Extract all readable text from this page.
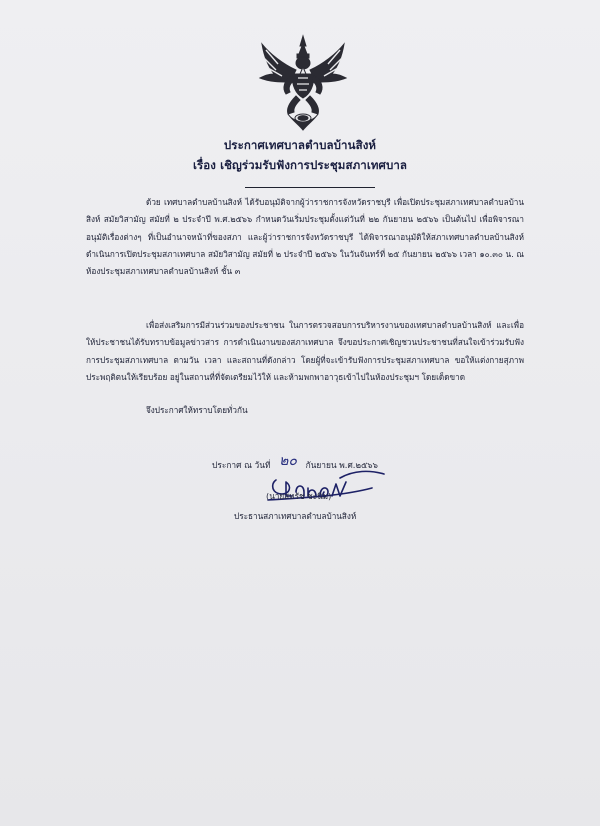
ประกาศเทศบาลตำบลบ้านสิงห์
เรื่อง เชิญร่วมรับฟังการประชุมสภาเทศบาล

ด้วย เทศบาลตำบลบ้านสิงห์ ได้รับอนุมัติจากผู้ว่าราชการจังหวัดราชบุรี เพื่อเปิดประชุมสภาเทศบาลตำบลบ้านสิงห์ สมัยวิสามัญ สมัยที่ ๒ ประจำปี พ.ศ.๒๕๖๖ กำหนดวันเริ่มประชุมตั้งแต่วันที่ ๒๒ กันยายน ๒๕๖๖ เป็นต้นไป เพื่อพิจารณาอนุมัติเรื่องต่างๆ ที่เป็นอำนาจหน้าที่ของสภา และผู้ว่าราชการจังหวัดราชบุรี ได้พิจารณาอนุมัติให้สภาเทศบาลตำบลบ้านสิงห์ ดำเนินการเปิดประชุมสภาเทศบาล สมัยวิสามัญ สมัยที่ ๒ ประจำปี ๒๕๖๖ ในวันจันทร์ที่ ๒๕ กันยายน ๒๕๖๖ เวลา ๑๐.๓๐ น. ณ ห้องประชุมสภาเทศบาลตำบลบ้านสิงห์ ชั้น ๓

เพื่อส่งเสริมการมีส่วนร่วมของประชาชน ในการตรวจสอบการบริหารงานของเทศบาลตำบลบ้านสิงห์ และเพื่อให้ประชาชนได้รับทราบข้อมูลข่าวสาร การดำเนินงานของสภาเทศบาล จึงขอประกาศเชิญชวนประชาชนที่สนใจเข้าร่วมรับฟังการประชุมสภาเทศบาล ตามวัน เวลา และสถานที่ดังกล่าว โดยผู้ที่จะเข้ารับฟังการประชุมสภาเทศบาล ขอให้แต่งกายสุภาพ ประพฤติตนให้เรียบร้อย อยู่ในสถานที่ที่จัดเตรียมไว้ให้ และห้ามพกพาอาวุธเข้าไปในห้องประชุมฯ โดยเด็ดขาด

จึงประกาศให้ทราบโดยทั่วกัน
ประกาศ ณ วันที่ ๒๐ กันยายน พ.ศ.๒๕๖๖
(นายสหรัช ชะนิม)
ประธานสภาเทศบาลตำบลบ้านสิงห์
